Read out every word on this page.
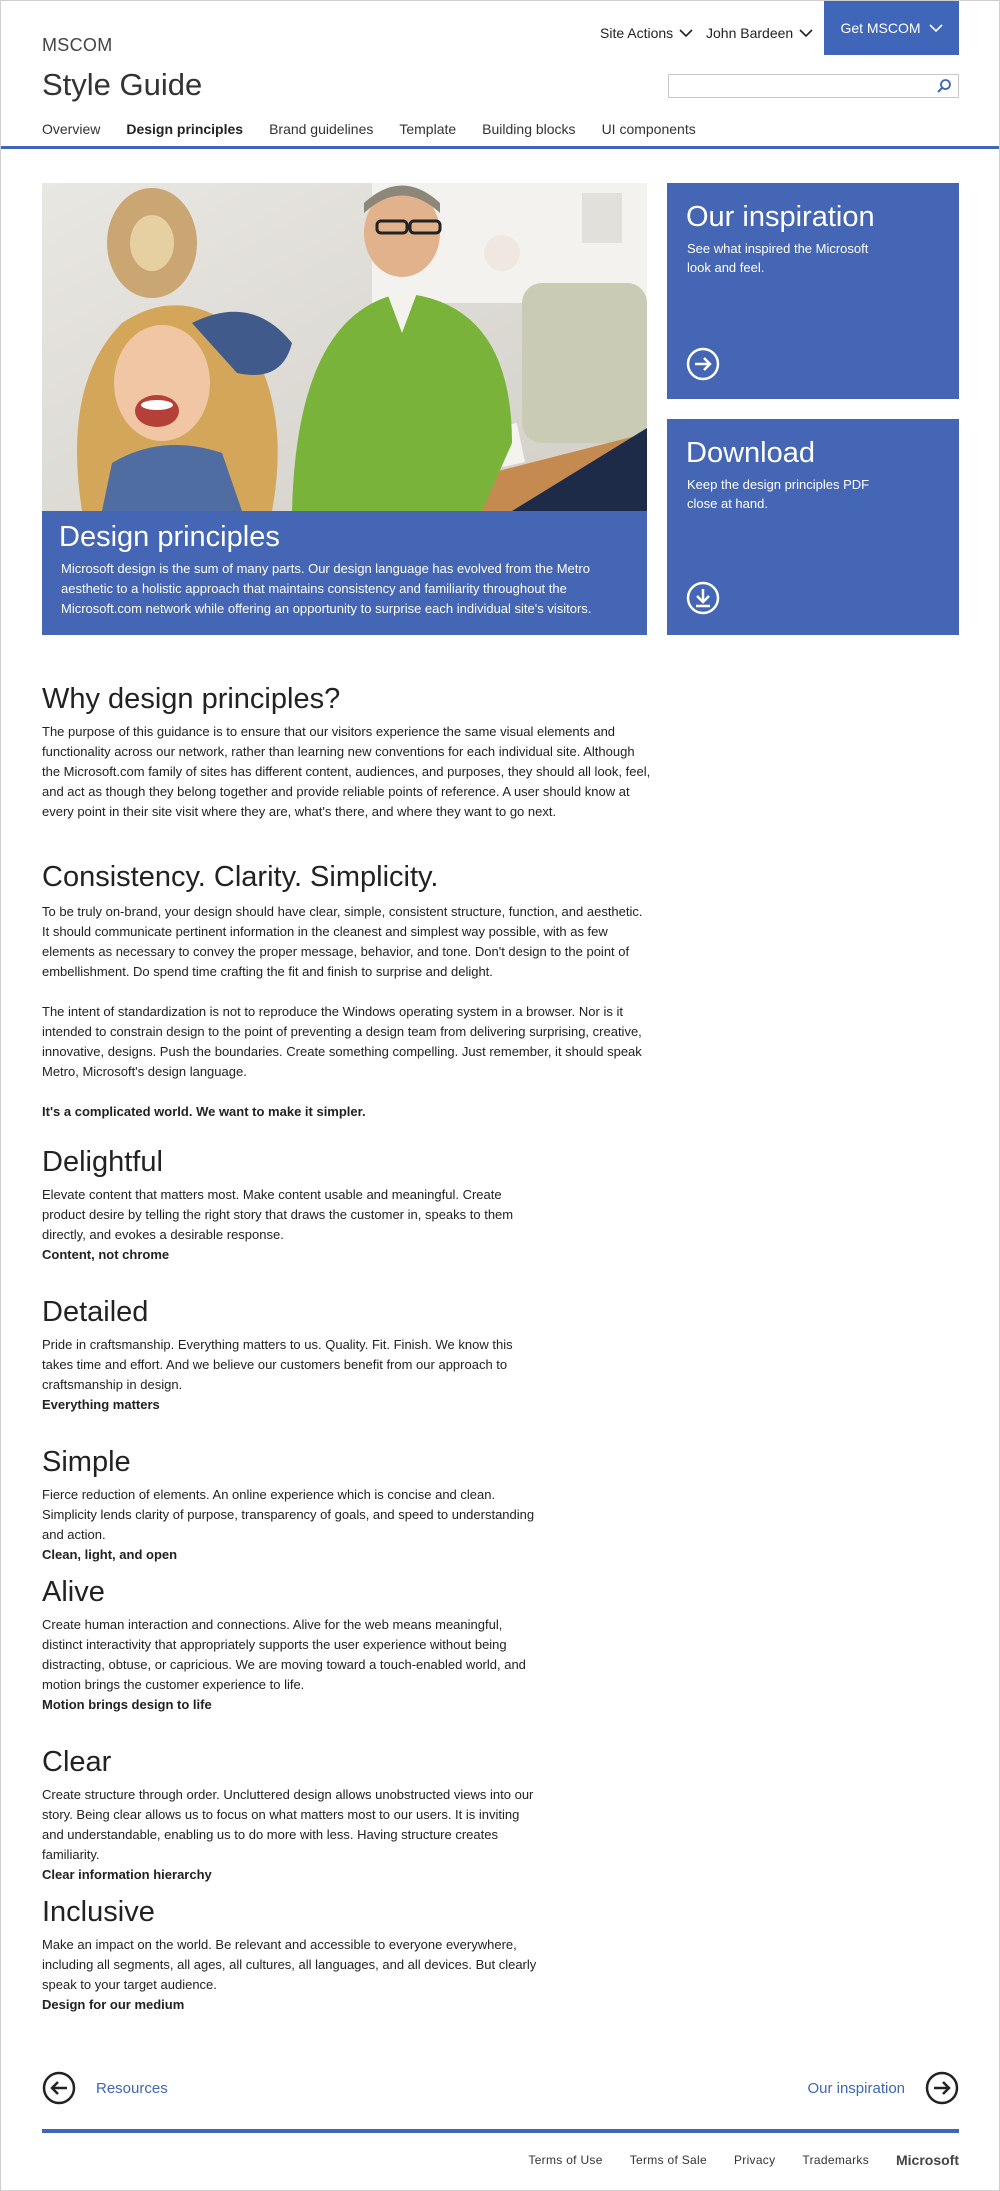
MSCOM
Style Guide
Site Actions John Bardeen	Get MSCOM
Overview Design principles Brand guidelines Template Building blocks UI components
Design principles

Microsoft design is the sum of many parts. Our design language has evolved from the Metro aesthetic to a holistic approach that maintains consistency and familiarity throughout the Microsoft.com network while offering an opportunity to surprise each individual site's visitors.

Our inspiration

See what inspired the Microsoft look and feel.

Download

Keep the design principles PDF close at hand.

Why design principles?

The purpose of this guidance is to ensure that our visitors experience the same visual elements and functionality across our network, rather than learning new conventions for each individual site. Although the Microsoft.com family of sites has different content, audiences, and purposes, they should all look, feel, and act as though they belong together and provide reliable points of reference. A user should know at every point in their site visit where they are, what's there, and where they want to go next.

Consistency. Clarity. Simplicity.

To be truly on-brand, your design should have clear, simple, consistent structure, function, and aesthetic. It should communicate pertinent information in the cleanest and simplest way possible, with as few elements as necessary to convey the proper message, behavior, and tone. Don't design to the point of embellishment. Do spend time crafting the fit and finish to surprise and delight.

The intent of standardization is not to reproduce the Windows operating system in a browser. Nor is it intended to constrain design to the point of preventing a design team from delivering surprising, creative, innovative, designs. Push the boundaries. Create something compelling. Just remember, it should speak Metro, Microsoft's design language.

It's a complicated world. We want to make it simpler.

Delightful

Elevate content that matters most. Make content usable and meaningful. Create product desire by telling the right story that draws the customer in, speaks to them directly, and evokes a desirable response.

Content, not chrome

Detailed

Pride in craftsmanship. Everything matters to us. Quality. Fit. Finish. We know this takes time and effort. And we believe our customers benefit from our approach to craftsmanship in design.

Everything matters

Simple

Fierce reduction of elements. An online experience which is concise and clean. Simplicity lends clarity of purpose, transparency of goals, and speed to understanding and action.

Clean, light, and open

Alive

Create human interaction and connections. Alive for the web means meaningful, distinct interactivity that appropriately supports the user experience without being distracting, obtuse, or capricious. We are moving toward a touch-enabled world, and motion brings the customer experience to life.

Motion brings design to life

Clear

Create structure through order. Uncluttered design allows unobstructed views into our story. Being clear allows us to focus on what matters most to our users. It is inviting and understandable, enabling us to do more with less. Having structure creates familiarity.

Clear information hierarchy

Inclusive

Make an impact on the world. Be relevant and accessible to everyone everywhere, including all segments, all ages, all cultures, all languages, and all devices. But clearly speak to your target audience.

Design for our medium

Resources	Our inspiration
Terms of Use Terms of Sale Privacy Trademarks Microsoft
